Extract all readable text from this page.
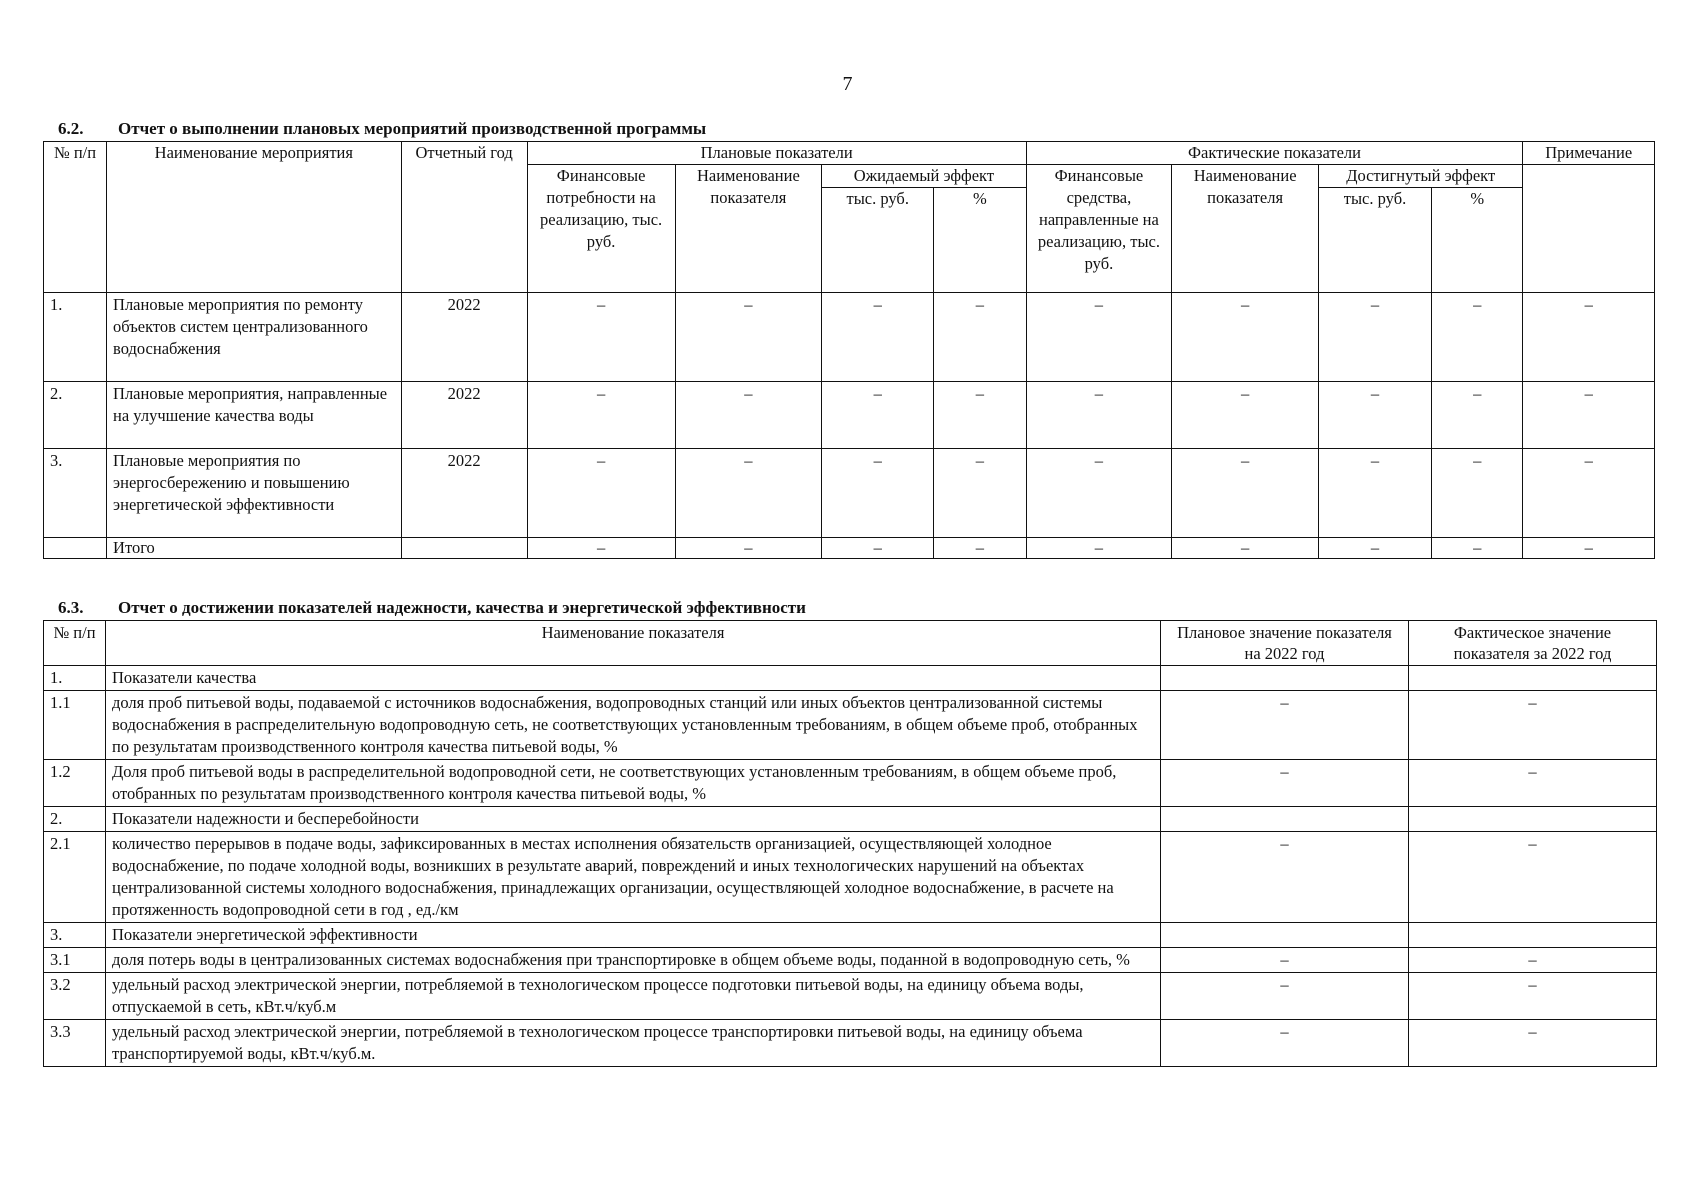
7
6.2. Отчет о выполнении плановых мероприятий производственной программы
№ п/п	Наименование мероприятия	Отчетный год	Плановые показатели				Фактические показатели				Примечание
			Финансовые потребности на реализацию, тыс. руб.	Наименование показателя	Ожидаемый эффект		Финансовые средства, направленные на реализацию, тыс. руб.	Наименование показателя	Достигнутый эффект		
					тыс. руб.	%			тыс. руб.	%	
1.	Плановые мероприятия по ремонту объектов систем централизованного водоснабжения	2022	–	–	–	–	–	–	–	–	–
2.	Плановые мероприятия, направленные на улучшение качества воды	2022	–	–	–	–	–	–	–	–	–
3.	Плановые мероприятия по энергосбережению и повышению энергетической эффективности	2022	–	–	–	–	–	–	–	–	–
	Итого		–	–	–	–	–	–	–	–	–
6.3. Отчет о достижении показателей надежности, качества и энергетической эффективности
№ п/п	Наименование показателя	Плановое значение показателя на 2022 год	Фактическое значение показателя за 2022 год
1.	Показатели качества		
1.1	доля проб питьевой воды, подаваемой с источников водоснабжения, водопроводных станций или иных объектов централизованной системы водоснабжения в распределительную водопроводную сеть, не соответствующих установленным требованиям, в общем объеме проб, отобранных по результатам производственного контроля качества питьевой воды, %	–	–
1.2	Доля проб питьевой воды в распределительной водопроводной сети, не соответствующих установленным требованиям, в общем объеме проб, отобранных по результатам производственного контроля качества питьевой воды, %	–	–
2.	Показатели надежности и бесперебойности		
2.1	количество перерывов в подаче воды, зафиксированных в местах исполнения обязательств организацией, осуществляющей холодное водоснабжение, по подаче холодной воды, возникших в результате аварий, повреждений и иных технологических нарушений на объектах централизованной системы холодного водоснабжения, принадлежащих организации, осуществляющей холодное водоснабжение, в расчете на протяженность водопроводной сети в год , ед./км	–	–
3.	Показатели энергетической эффективности		
3.1	доля потерь воды в централизованных системах водоснабжения при транспортировке в общем объеме воды, поданной в водопроводную сеть, %	–	–
3.2	удельный расход электрической энергии, потребляемой в технологическом процессе подготовки питьевой воды, на единицу объема воды, отпускаемой в сеть, кВт.ч/куб.м	–	–
3.3	удельный расход электрической энергии, потребляемой в технологическом процессе транспортировки питьевой воды, на единицу объема транспортируемой воды, кВт.ч/куб.м.	–	–
